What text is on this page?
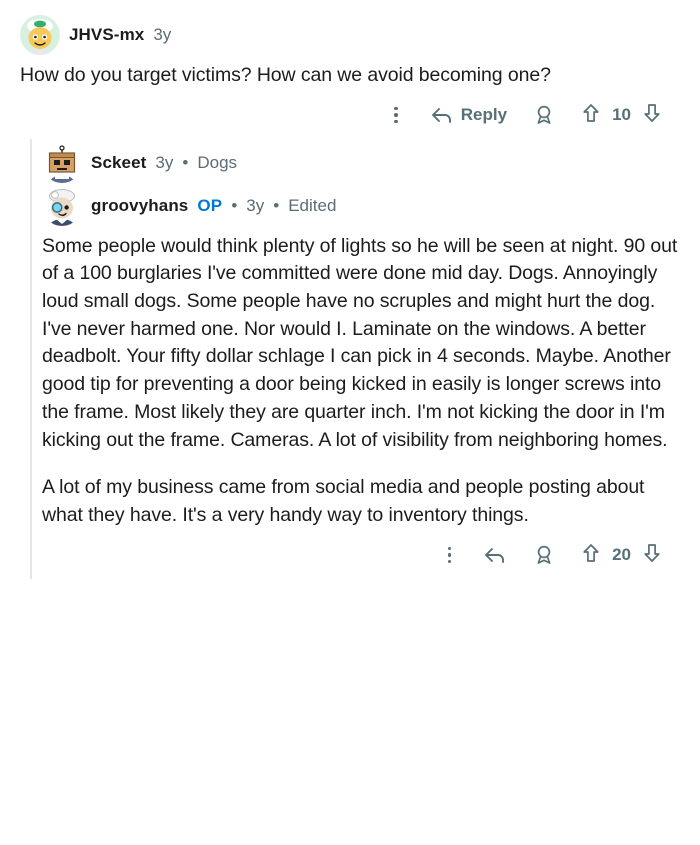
JHVS-mx 3y

How do you target victims? How can we avoid becoming one?

Reply	10
Sckeet 3y • Dogs
groovyhans OP • 3y • Edited

Some people would think plenty of lights so he will be seen at night. 90 out of a 100 burglaries I've committed were done mid day. Dogs. Annoyingly loud small dogs. Some people have no scruples and might hurt the dog. I've never harmed one. Nor would I. Laminate on the windows. A better deadbolt. Your fifty dollar schlage I can pick in 4 seconds. Maybe. Another good tip for preventing a door being kicked in easily is longer screws into the frame. Most likely they are quarter inch. I'm not kicking the door in I'm kicking out the frame. Cameras. A lot of visibility from neighboring homes.

A lot of my business came from social media and people posting about what they have. It's a very handy way to inventory things.

20
